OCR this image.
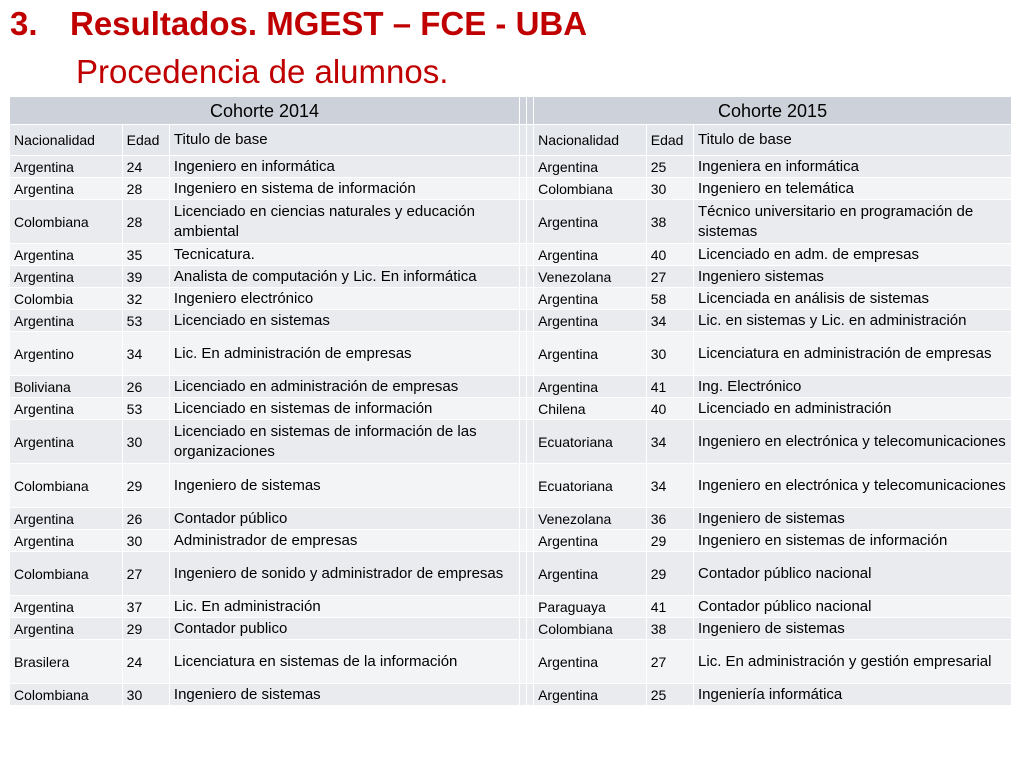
3. Resultados. MGEST – FCE - UBA
Procedencia de alumnos.
Cohorte 2014					Cohorte 2015		
Nacionalidad	Edad	Titulo de base			Nacionalidad	Edad	Titulo de base
Argentina	24	Ingeniero en informática			Argentina	25	Ingeniera en informática
Argentina	28	Ingeniero en sistema de información			Colombiana	30	Ingeniero en telemática
Colombiana	28	Licenciado en ciencias naturales y educación ambiental			Argentina	38	Técnico universitario en programación de sistemas
Argentina	35	Tecnicatura.			Argentina	40	Licenciado en adm. de empresas
Argentina	39	Analista de computación y Lic. En informática			Venezolana	27	Ingeniero sistemas
Colombia	32	Ingeniero electrónico			Argentina	58	Licenciada en análisis de sistemas
Argentina	53	Licenciado en sistemas			Argentina	34	Lic. en sistemas y Lic. en administración
Argentino	34	Lic. En administración de empresas			Argentina	30	Licenciatura en administración de empresas
Boliviana	26	Licenciado en administración de empresas			Argentina	41	Ing. Electrónico
Argentina	53	Licenciado en sistemas de información			Chilena	40	Licenciado en administración
Argentina	30	Licenciado en sistemas de información de las organizaciones			Ecuatoriana	34	Ingeniero en electrónica y telecomunicaciones
Colombiana	29	Ingeniero de sistemas			Ecuatoriana	34	Ingeniero en electrónica y telecomunicaciones
Argentina	26	Contador público			Venezolana	36	Ingeniero de sistemas
Argentina	30	Administrador de empresas			Argentina	29	Ingeniero en sistemas de información
Colombiana	27	Ingeniero de sonido y administrador de empresas			Argentina	29	Contador público nacional
Argentina	37	Lic. En administración			Paraguaya	41	Contador público nacional
Argentina	29	Contador publico			Colombiana	38	Ingeniero de sistemas
Brasilera	24	Licenciatura en sistemas de la información			Argentina	27	Lic. En administración y gestión empresarial
Colombiana	30	Ingeniero de sistemas			Argentina	25	Ingeniería informática
